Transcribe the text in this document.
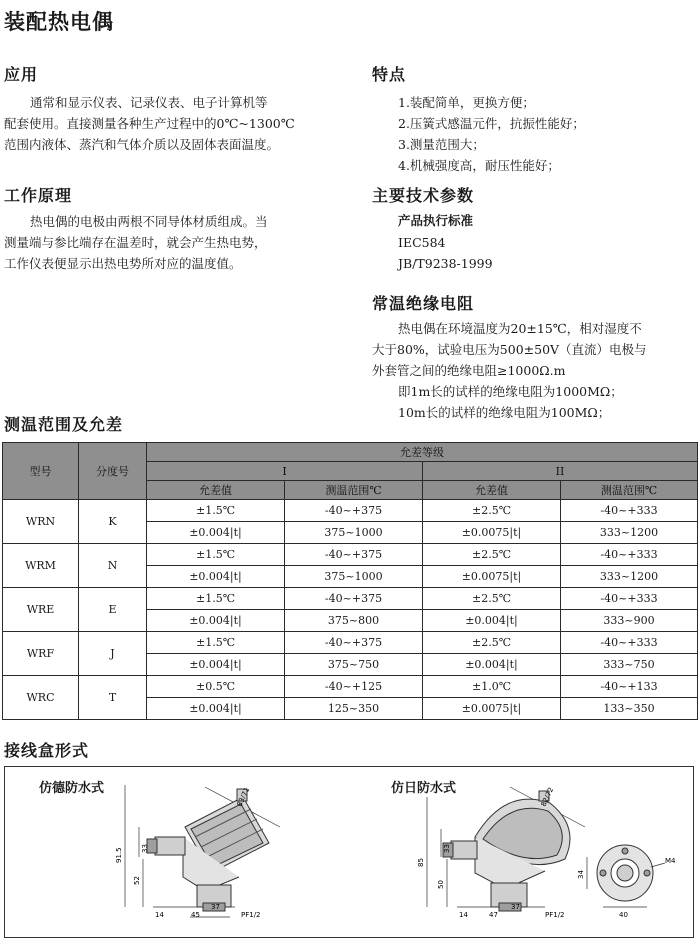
装配热电偶
应用
通常和显示仪表、记录仪表、电子计算机等
配套使用。直接测量各种生产过程中的0℃~1300℃
范围内液体、蒸汽和气体介质以及固体表面温度。
工作原理
热电偶的电极由两根不同导体材质组成。当
测量端与参比端存在温差时，就会产生热电势，
工作仪表便显示出热电势所对应的温度值。
特点
1.装配简单，更换方便；
2.压簧式感温元件，抗振性能好；
3.测量范围大；
4.机械强度高，耐压性能好；
主要技术参数
产品执行标准
IEC584
JB/T9238-1999
常温绝缘电阻
热电偶在环境温度为20±15℃，相对湿度不
大于80%，试验电压为500±50V（直流）电极与
外套管之间的绝缘电阻≥1000Ω.m
即1m长的试样的绝缘电阻为1000MΩ；
10m长的试样的绝缘电阻为100MΩ；
测温范围及允差
型号	分度号	允差等级			
		I		II	
		允差值	测温范围℃	允差值	测温范围℃
WRN	K	±1.5℃	-40~+375	±2.5℃	-40~+333
		±0.004|t|	375~1000	±0.0075|t|	333~1200
WRM	N	±1.5℃	-40~+375	±2.5℃	-40~+333
		±0.004|t|	375~1000	±0.0075|t|	333~1200
WRE	E	±1.5℃	-40~+375	±2.5℃	-40~+333
		±0.004|t|	375~800	±0.004|t|	333~900
WRF	J	±1.5℃	-40~+375	±2.5℃	-40~+333
		±0.004|t|	375~750	±0.004|t|	333~750
WRC	T	±0.5℃	-40~+125	±1.0℃	-40~+133
		±0.004|t|	125~350	±0.0075|t|	133~350
接线盒形式
仿德防水式	仿日防水式
91.5	33
52
14	45
37
PF1/2
83/71
85
33
50
14	47
37
PF1/2
82/72
M4
34
40
